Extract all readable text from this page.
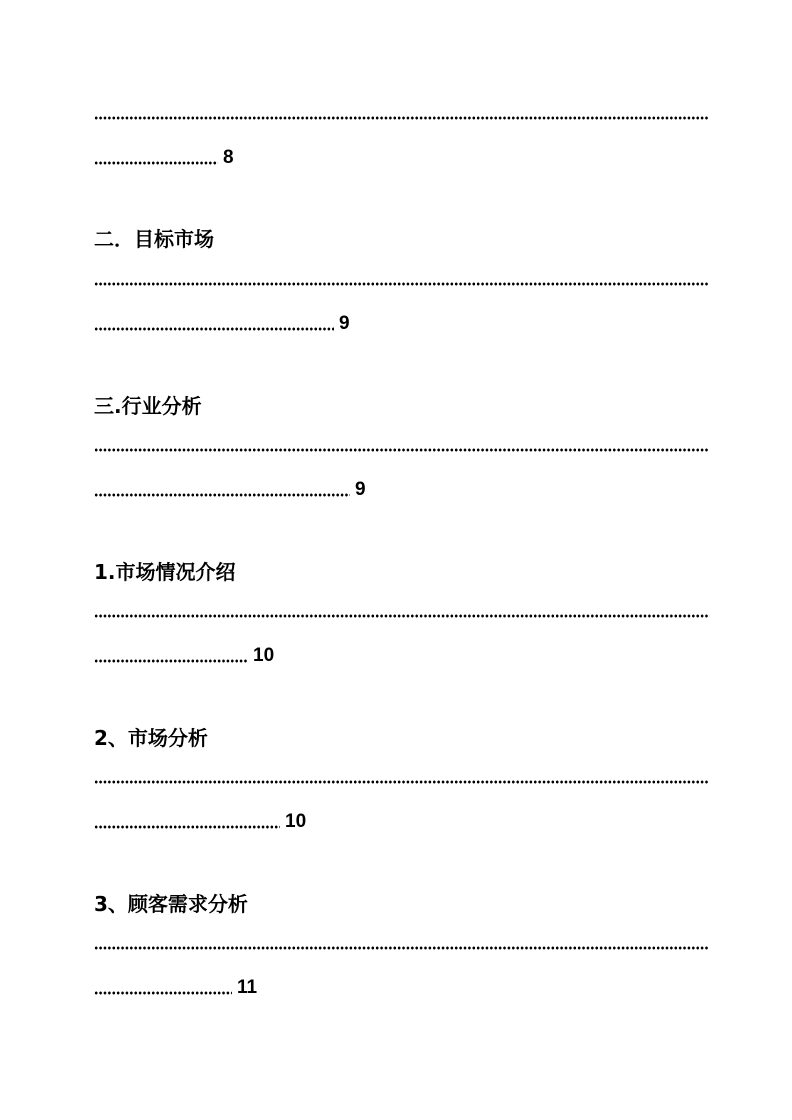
8
二．目标市场
9
三.行业分析
9
1.市场情况介绍
10
2、市场分析
10
3、顾客需求分析
11
